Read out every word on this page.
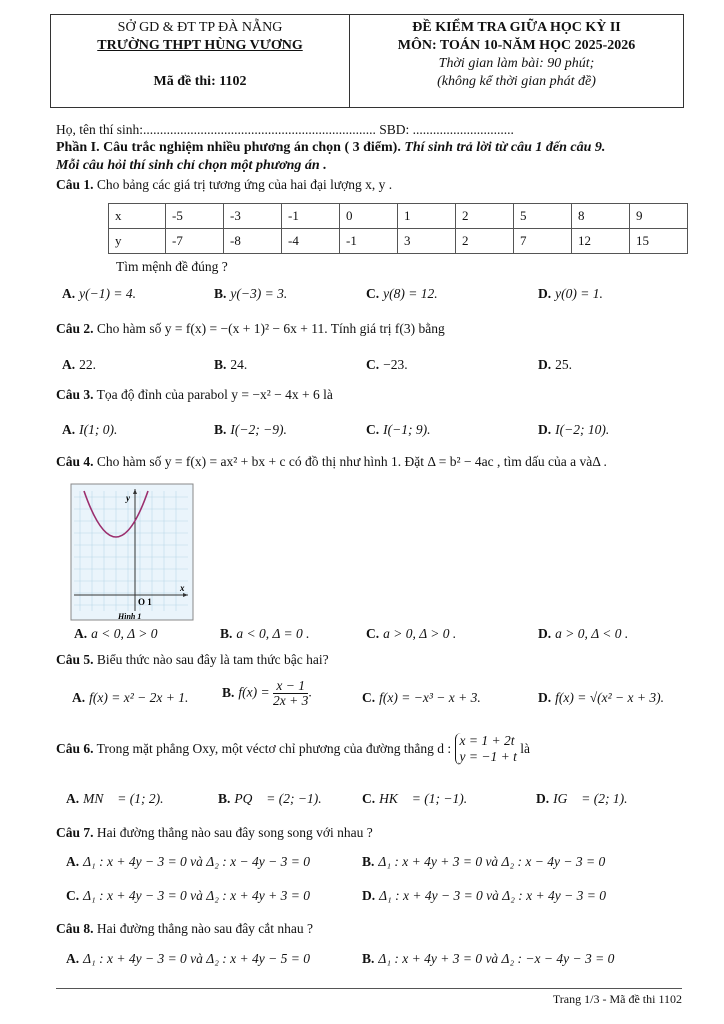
SỞ GD & ĐT TP ĐÀ NẴNG

TRƯỜNG THPT HÙNG VƯƠNG

Mã đề thi: 1102

ĐỀ KIỂM TRA GIỮA HỌC KỲ II

MÔN: TOÁN 10-NĂM HỌC 2025-2026

Thời gian làm bài: 90 phút;

(không kể thời gian phát đề)

Họ, tên thí sinh:..................................................................... SBD: ..............................
Phần I. Câu trắc nghiệm nhiều phương án chọn ( 3 điểm). Thí sinh trả lời từ câu 1 đến câu 9.
Mỗi câu hỏi thí sinh chỉ chọn một phương án .
Câu 1. Cho bảng các giá trị tương ứng của hai đại lượng x, y .
x	-5	-3	-1	0	1	2	5	8	9
y	-7	-8	-4	-1	3	2	7	12	15
Tìm mệnh đề đúng ?
A. y(−1) = 4.	B. y(−3) = 3.	C. y(8) = 12.	D. y(0) = 1.
Câu 2. Cho hàm số y = f(x) = −(x + 1)² − 6x + 11. Tính giá trị f(3) bằng
A. 22.	B. 24.	C. −23.	D. 25.
Câu 3. Tọa độ đỉnh của parabol y = −x² − 4x + 6 là
A. I(1; 0).	B. I(−2; −9).	C. I(−1; 9).	D. I(−2; 10).
Câu 4. Cho hàm số y = f(x) = ax² + bx + c có đồ thị như hình 1. Đặt Δ = b² − 4ac , tìm dấu của a vàΔ .
y
x
O 1
Hình 1
A. a < 0, Δ > 0	B. a < 0, Δ = 0 .	C. a > 0, Δ > 0 .	D. a > 0, Δ < 0 .
Câu 5. Biểu thức nào sau đây là tam thức bậc hai?
A. f(x) = x² − 2x + 1. B. $f(x) = \frac{x - 1}{2x + 3}$ .	C. f(x) = −x³ − x + 3.	D. f(x) = √(x² − x + 3).
Câu 6. Trong mặt phẳng Oxy, một véctơ chỉ phương của đường thẳng d :
x = 1 + 2t
y = −1 + t
là
A. MN⃗ = (1; 2).	B. PQ⃗ = (2; −1).	C. HK⃗ = (1; −1).	D. IG⃗ = (2; 1).
Câu 7. Hai đường thẳng nào sau đây song song với nhau ?
A. Δ₁ : x + 4y − 3 = 0 và Δ₂ : x − 4y − 3 = 0	B. Δ₁ : x + 4y + 3 = 0 và Δ₂ : x − 4y − 3 = 0
C. Δ₁ : x + 4y − 3 = 0 và Δ₂ : x + 4y + 3 = 0	D. Δ₁ : x + 4y − 3 = 0 và Δ₂ : x + 4y − 3 = 0
Câu 8. Hai đường thẳng nào sau đây cắt nhau ?
A. Δ₁ : x + 4y − 3 = 0 và Δ₂ : x + 4y − 5 = 0	B. Δ₁ : x + 4y + 3 = 0 và Δ₂ : −x − 4y − 3 = 0
Trang 1/3 - Mã đề thi 1102
